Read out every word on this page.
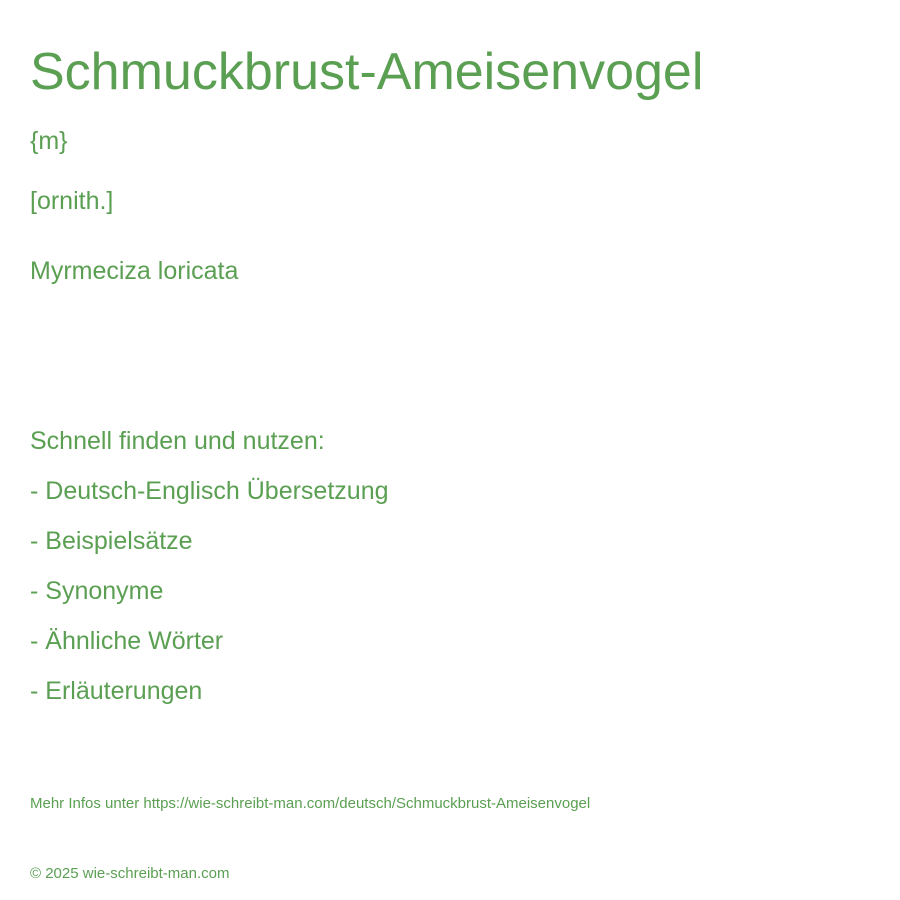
Schmuckbrust-Ameisenvogel
{m}
[ornith.]
Myrmeciza loricata
Schnell finden und nutzen:
- Deutsch-Englisch Übersetzung
- Beispielsätze
- Synonyme
- Ähnliche Wörter
- Erläuterungen
Mehr Infos unter https://wie-schreibt-man.com/deutsch/Schmuckbrust-Ameisenvogel
© 2025 wie-schreibt-man.com
